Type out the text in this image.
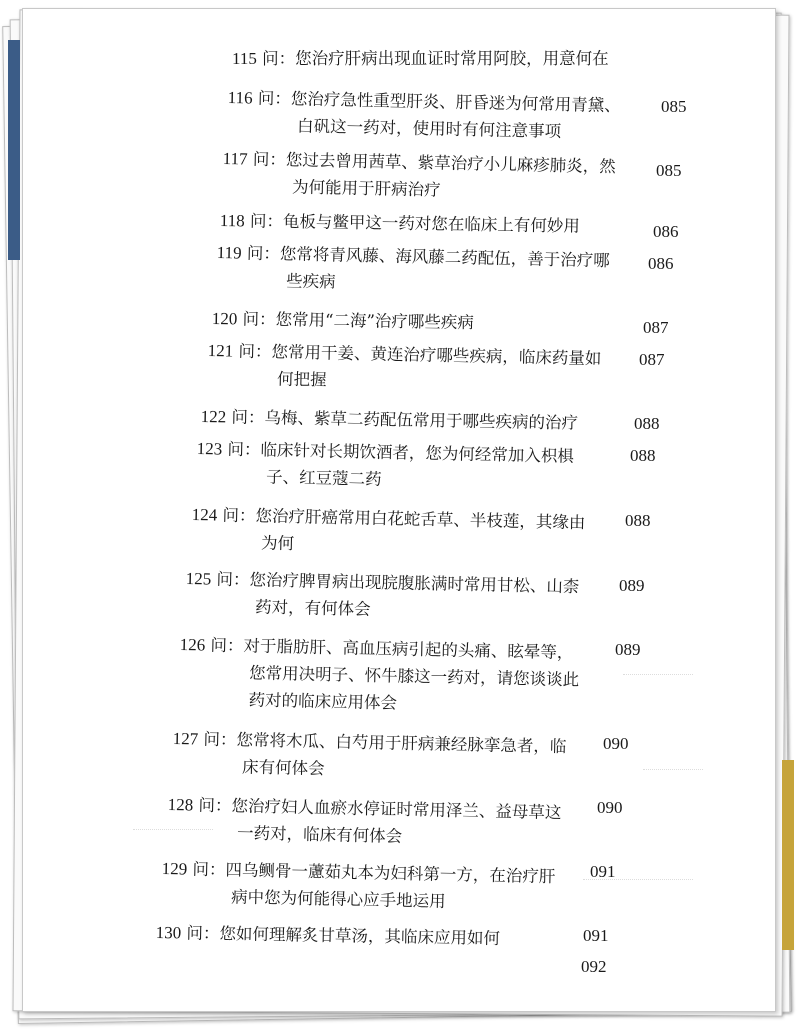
115 问：您治疗肝病出现血证时常用阿胶，用意何在
116 问：您治疗急性重型肝炎、肝昏迷为何常用青黛、
白矾这一药对，使用时有何注意事项
085
117 问：您过去曾用茜草、紫草治疗小儿麻疹肺炎，然
为何能用于肝病治疗
085
118 问：龟板与鳖甲这一药对您在临床上有何妙用	086
119 问：您常将青风藤、海风藤二药配伍，善于治疗哪
些疾病
086
120 问：您常用“二海”治疗哪些疾病	087
121 问：您常用干姜、黄连治疗哪些疾病，临床药量如
何把握
087
122 问：乌梅、紫草二药配伍常用于哪些疾病的治疗	088
123 问：临床针对长期饮酒者，您为何经常加入枳椇
子、红豆蔻二药
088
124 问：您治疗肝癌常用白花蛇舌草、半枝莲，其缘由
为何
088
125 问：您治疗脾胃病出现脘腹胀满时常用甘松、山柰
药对，有何体会
089
126 问：对于脂肪肝、高血压病引起的头痛、眩晕等，
您常用决明子、怀牛膝这一药对，请您谈谈此
药对的临床应用体会
089
127 问：您常将木瓜、白芍用于肝病兼经脉挛急者，临
床有何体会
090
128 问：您治疗妇人血瘀水停证时常用泽兰、益母草这
一药对，临床有何体会
090
129 问：四乌鲗骨一藘茹丸本为妇科第一方，在治疗肝
病中您为何能得心应手地运用
091
130 问：您如何理解炙甘草汤，其临床应用如何	091
092
